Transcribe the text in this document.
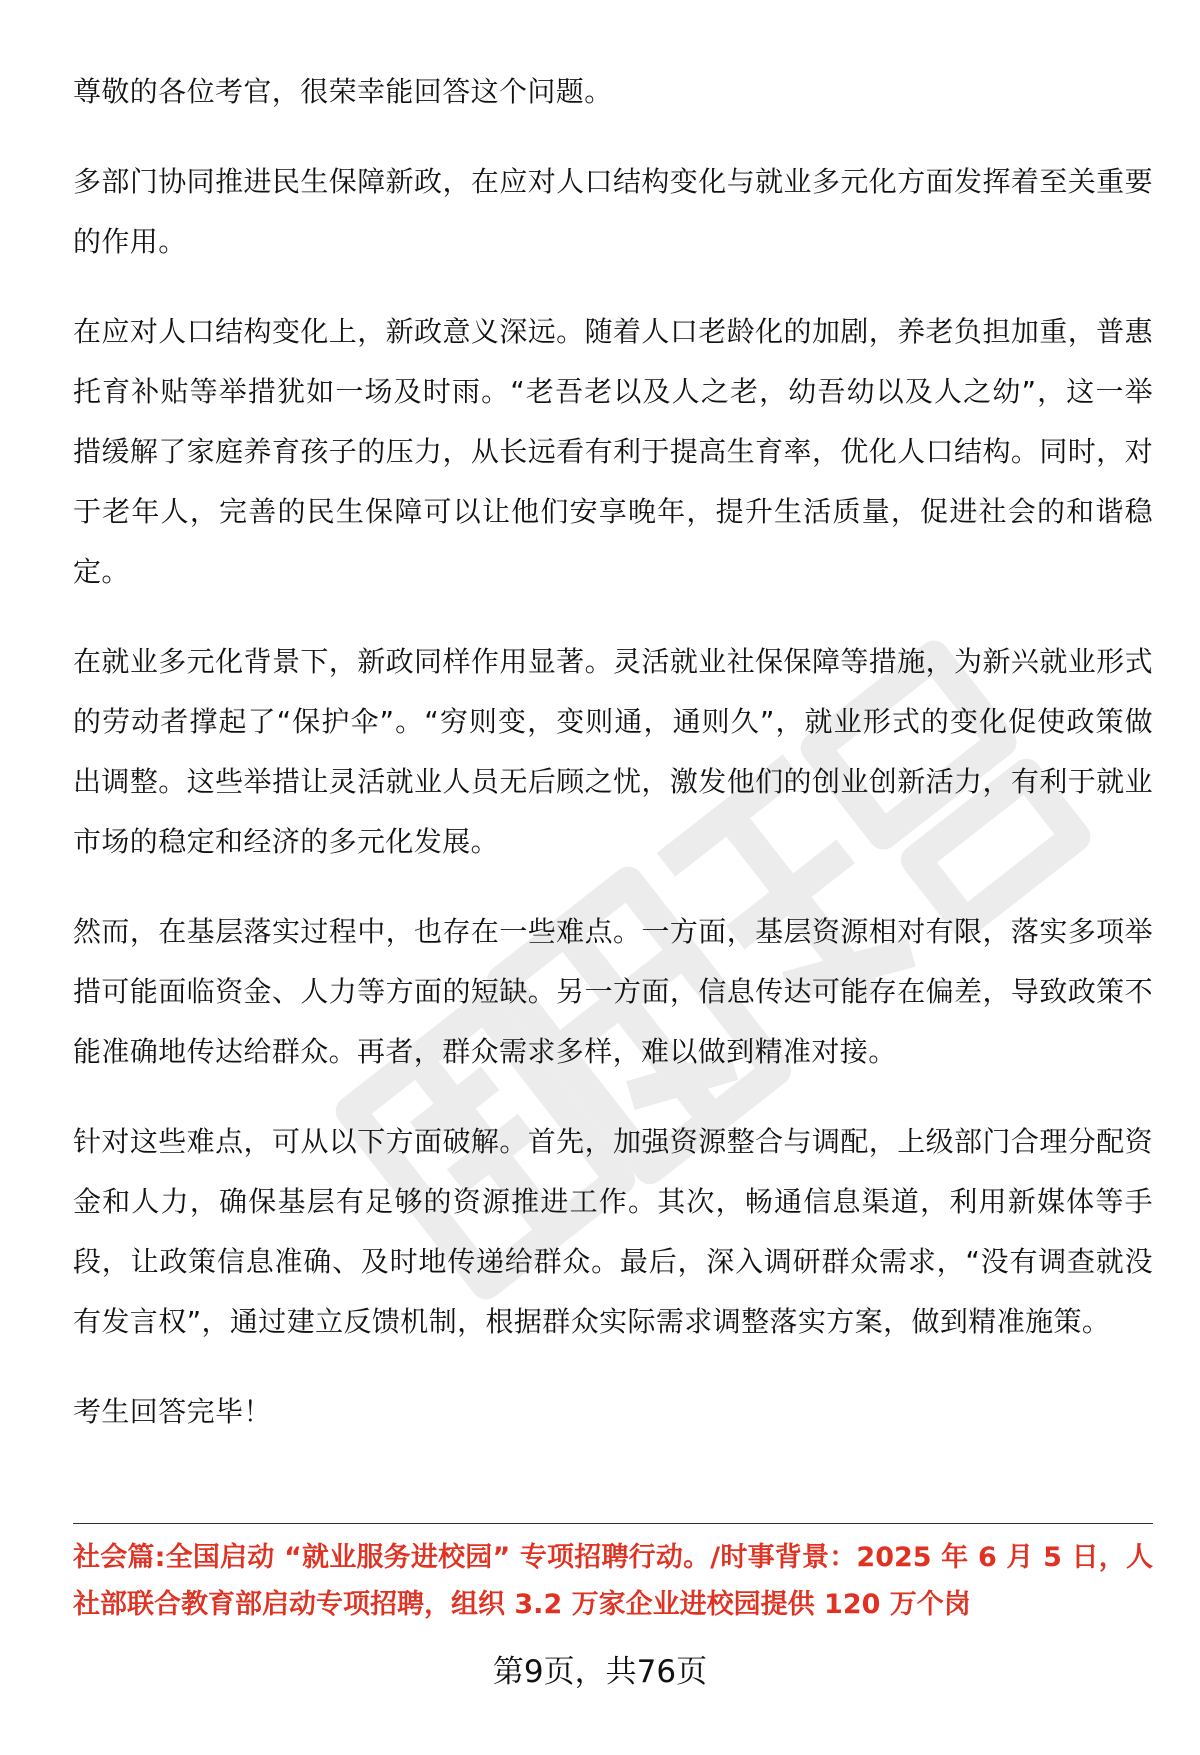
尊敬的各位考官，很荣幸能回答这个问题。

多部门协同推进民生保障新政，在应对人口结构变化与就业多元化方面发挥着至关重要的作用。

在应对人口结构变化上，新政意义深远。随着人口老龄化的加剧，养老负担加重，普惠托育补贴等举措犹如一场及时雨。“老吾老以及人之老，幼吾幼以及人之幼”，这一举措缓解了家庭养育孩子的压力，从长远看有利于提高生育率，优化人口结构。同时，对于老年人，完善的民生保障可以让他们安享晚年，提升生活质量，促进社会的和谐稳定。

在就业多元化背景下，新政同样作用显著。灵活就业社保保障等措施，为新兴就业形式的劳动者撑起了“保护伞”。“穷则变，变则通，通则久”，就业形式的变化促使政策做出调整。这些举措让灵活就业人员无后顾之忧，激发他们的创业创新活力，有利于就业市场的稳定和经济的多元化发展。

然而，在基层落实过程中，也存在一些难点。一方面，基层资源相对有限，落实多项举措可能面临资金、人力等方面的短缺。另一方面，信息传达可能存在偏差，导致政策不能准确地传达给群众。再者，群众需求多样，难以做到精准对接。

针对这些难点，可从以下方面破解。首先，加强资源整合与调配，上级部门合理分配资金和人力，确保基层有足够的资源推进工作。其次，畅通信息渠道，利用新媒体等手段，让政策信息准确、及时地传递给群众。最后，深入调研群众需求，“没有调查就没有发言权”，通过建立反馈机制，根据群众实际需求调整落实方案，做到精准施策。

考生回答完毕！

社会篇:全国启动 “就业服务进校园” 专项招聘行动。/时事背景：2025 年 6 月 5 日，人社部联合教育部启动专项招聘，组织 3.2 万家企业进校园提供 120 万个岗

第9页，共76页
